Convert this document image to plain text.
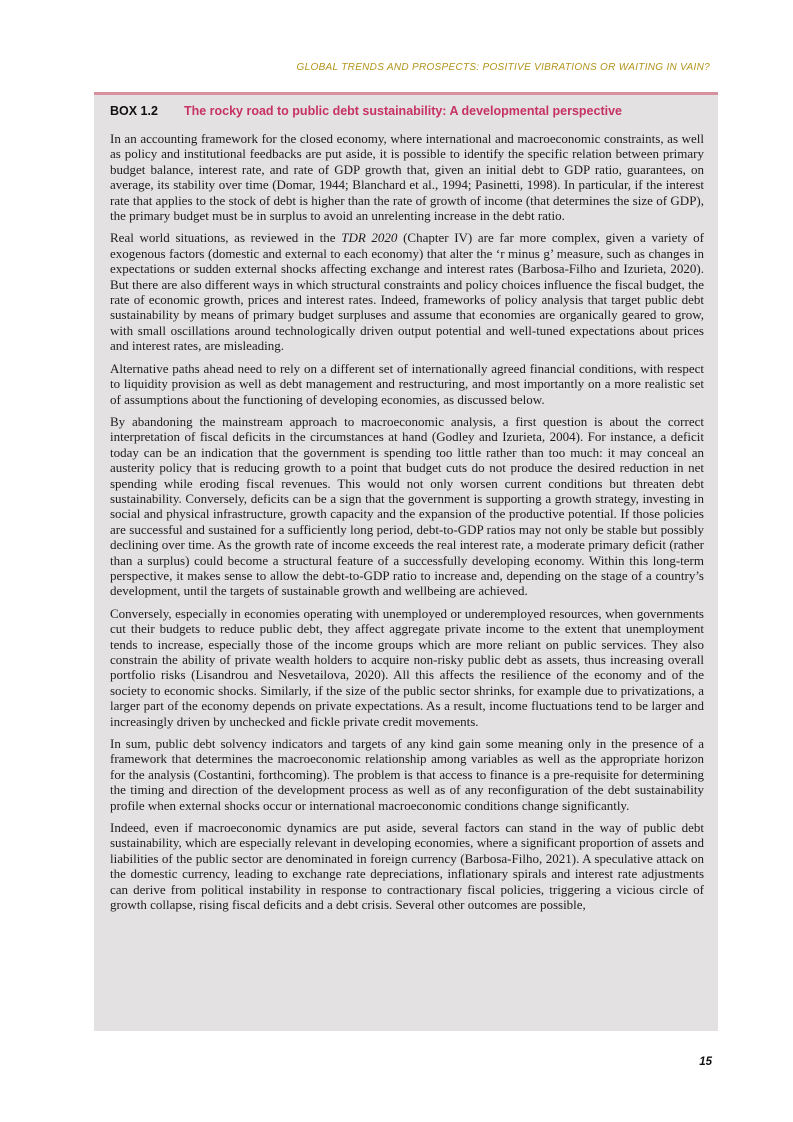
GLOBAL TRENDS AND PROSPECTS: POSITIVE VIBRATIONS OR WAITING IN VAIN?
BOX 1.2 The rocky road to public debt sustainability: A developmental perspective

In an accounting framework for the closed economy, where international and macroeconomic constraints, as well as policy and institutional feedbacks are put aside, it is possible to identify the specific relation between primary budget balance, interest rate, and rate of GDP growth that, given an initial debt to GDP ratio, guarantees, on average, its stability over time (Domar, 1944; Blanchard et al., 1994; Pasinetti, 1998). In particular, if the interest rate that applies to the stock of debt is higher than the rate of growth of income (that determines the size of GDP), the primary budget must be in surplus to avoid an unrelenting increase in the debt ratio.

Real world situations, as reviewed in the TDR 2020 (Chapter IV) are far more complex, given a variety of exogenous factors (domestic and external to each economy) that alter the ‘r minus g’ measure, such as changes in expectations or sudden external shocks affecting exchange and interest rates (Barbosa-Filho and Izurieta, 2020). But there are also different ways in which structural constraints and policy choices influence the fiscal budget, the rate of economic growth, prices and interest rates. Indeed, frameworks of policy analysis that target public debt sustainability by means of primary budget surpluses and assume that economies are organically geared to grow, with small oscillations around technologically driven output potential and well-tuned expectations about prices and interest rates, are misleading.

Alternative paths ahead need to rely on a different set of internationally agreed financial conditions, with respect to liquidity provision as well as debt management and restructuring, and most importantly on a more realistic set of assumptions about the functioning of developing economies, as discussed below.

By abandoning the mainstream approach to macroeconomic analysis, a first question is about the correct interpretation of fiscal deficits in the circumstances at hand (Godley and Izurieta, 2004). For instance, a deficit today can be an indication that the government is spending too little rather than too much: it may conceal an austerity policy that is reducing growth to a point that budget cuts do not produce the desired reduction in net spending while eroding fiscal revenues. This would not only worsen current conditions but threaten debt sustainability. Conversely, deficits can be a sign that the government is supporting a growth strategy, investing in social and physical infrastructure, growth capacity and the expansion of the productive potential. If those policies are successful and sustained for a sufficiently long period, debt-to-GDP ratios may not only be stable but possibly declining over time. As the growth rate of income exceeds the real interest rate, a moderate primary deficit (rather than a surplus) could become a structural feature of a successfully developing economy. Within this long-term perspective, it makes sense to allow the debt-to-GDP ratio to increase and, depending on the stage of a country’s development, until the targets of sustainable growth and wellbeing are achieved.

Conversely, especially in economies operating with unemployed or underemployed resources, when governments cut their budgets to reduce public debt, they affect aggregate private income to the extent that unemployment tends to increase, especially those of the income groups which are more reliant on public services. They also constrain the ability of private wealth holders to acquire non-risky public debt as assets, thus increasing overall portfolio risks (Lisandrou and Nesvetailova, 2020). All this affects the resilience of the economy and of the society to economic shocks. Similarly, if the size of the public sector shrinks, for example due to privatizations, a larger part of the economy depends on private expectations. As a result, income fluctuations tend to be larger and increasingly driven by unchecked and fickle private credit movements.

In sum, public debt solvency indicators and targets of any kind gain some meaning only in the presence of a framework that determines the macroeconomic relationship among variables as well as the appropriate horizon for the analysis (Costantini, forthcoming). The problem is that access to finance is a pre-requisite for determining the timing and direction of the development process as well as of any reconfiguration of the debt sustainability profile when external shocks occur or international macroeconomic conditions change significantly.

Indeed, even if macroeconomic dynamics are put aside, several factors can stand in the way of public debt sustainability, which are especially relevant in developing economies, where a significant proportion of assets and liabilities of the public sector are denominated in foreign currency (Barbosa-Filho, 2021). A speculative attack on the domestic currency, leading to exchange rate depreciations, inflationary spirals and interest rate adjustments can derive from political instability in response to contractionary fiscal policies, triggering a vicious circle of growth collapse, rising fiscal deficits and a debt crisis. Several other outcomes are possible,

15
